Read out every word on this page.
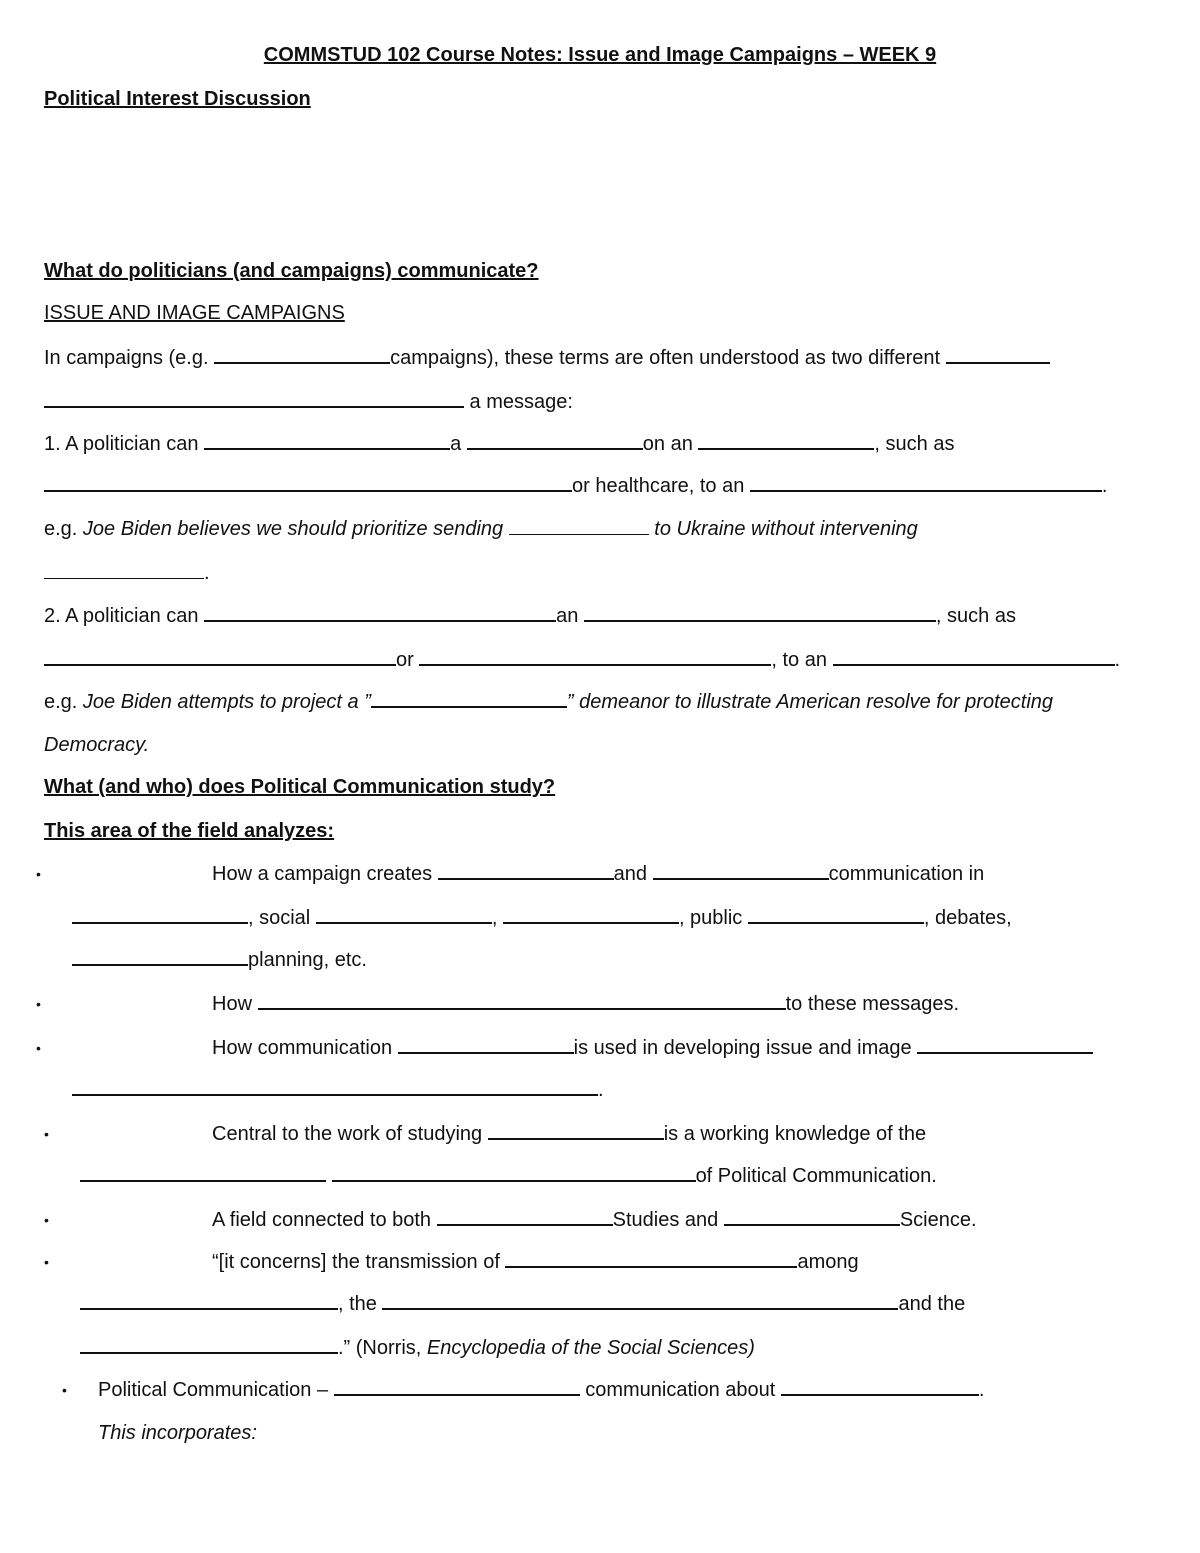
COMMSTUD 102 Course Notes: Issue and Image Campaigns – WEEK 9
Political Interest Discussion
What do politicians (and campaigns) communicate?
ISSUE AND IMAGE CAMPAIGNS
In campaigns (e.g.	campaigns), these terms are often understood as two different
a message:
1. A politician can	a	on an	, such as
or healthcare, to an	.
e.g. Joe Biden believes we should prioritize sending	to Ukraine without intervening
.
2. A politician can	an	, such as
or	, to an	.
e.g. Joe Biden attempts to project a ”	” demeanor to illustrate American resolve for protecting
Democracy.
What (and who) does Political Communication study?
This area of the field analyzes:
•	How a campaign creates	and	communication in
, social	,	, public	, debates,
planning, etc.
•	How	to these messages.
•	How communication	is used in developing issue and image
.
•	Central to the work of studying	is a working knowledge of the
of Political Communication.
•	A field connected to both	Studies and	Science.
•	“[it concerns] the transmission of	among
, the	and the
.” (Norris, Encyclopedia of the Social Sciences)
• Political Communication –	communication about	.
This incorporates:
